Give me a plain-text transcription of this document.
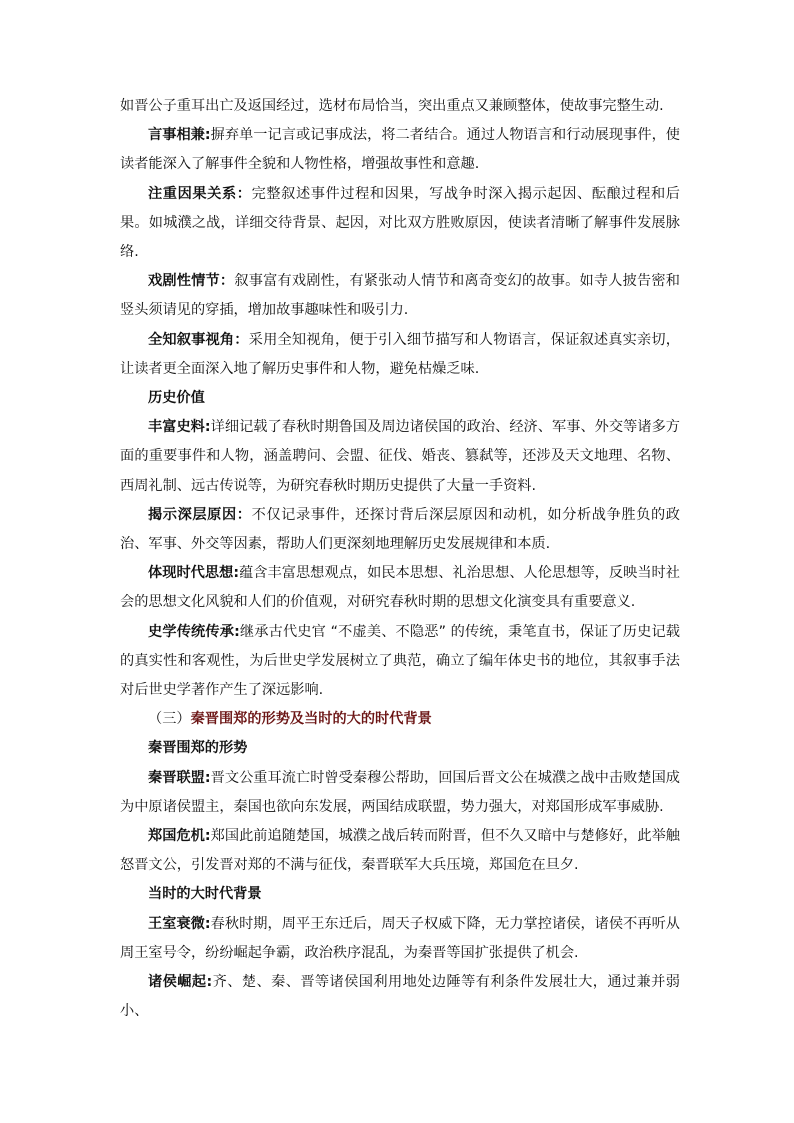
如晋公子重耳出亡及返国经过，选材布局恰当，突出重点又兼顾整体，使故事完整生动.

言事相兼:摒弃单一记言或记事成法，将二者结合。通过人物语言和行动展现事件，使读者能深入了解事件全貌和人物性格，增强故事性和意趣.

注重因果关系：完整叙述事件过程和因果，写战争时深入揭示起因、酝酿过程和后果。如城濮之战，详细交待背景、起因，对比双方胜败原因，使读者清晰了解事件发展脉络.

戏剧性情节：叙事富有戏剧性，有紧张动人情节和离奇变幻的故事。如寺人披告密和竖头须请见的穿插，增加故事趣味性和吸引力.

全知叙事视角：采用全知视角，便于引入细节描写和人物语言，保证叙述真实亲切，让读者更全面深入地了解历史事件和人物，避免枯燥乏味.

历史价值

丰富史料:详细记载了春秋时期鲁国及周边诸侯国的政治、经济、军事、外交等诸多方面的重要事件和人物，涵盖聘问、会盟、征伐、婚丧、篡弑等，还涉及天文地理、名物、西周礼制、远古传说等，为研究春秋时期历史提供了大量一手资料.

揭示深层原因：不仅记录事件，还探讨背后深层原因和动机，如分析战争胜负的政治、军事、外交等因素，帮助人们更深刻地理解历史发展规律和本质.

体现时代思想:蕴含丰富思想观点，如民本思想、礼治思想、人伦思想等，反映当时社会的思想文化风貌和人们的价值观，对研究春秋时期的思想文化演变具有重要意义.

史学传统传承:继承古代史官 “不虚美、不隐恶” 的传统，秉笔直书，保证了历史记载的真实性和客观性，为后世史学发展树立了典范，确立了编年体史书的地位，其叙事手法对后世史学著作产生了深远影响.

（三）秦晋围郑的形势及当时的大的时代背景

秦晋围郑的形势

秦晋联盟:晋文公重耳流亡时曾受秦穆公帮助，回国后晋文公在城濮之战中击败楚国成为中原诸侯盟主，秦国也欲向东发展，两国结成联盟，势力强大，对郑国形成军事威胁.

郑国危机:郑国此前追随楚国，城濮之战后转而附晋，但不久又暗中与楚修好，此举触怒晋文公，引发晋对郑的不满与征伐，秦晋联军大兵压境，郑国危在旦夕.

当时的大时代背景

王室衰微:春秋时期，周平王东迁后，周天子权威下降，无力掌控诸侯，诸侯不再听从周王室号令，纷纷崛起争霸，政治秩序混乱，为秦晋等国扩张提供了机会.

诸侯崛起:齐、楚、秦、晋等诸侯国利用地处边陲等有利条件发展壮大，通过兼并弱小、
